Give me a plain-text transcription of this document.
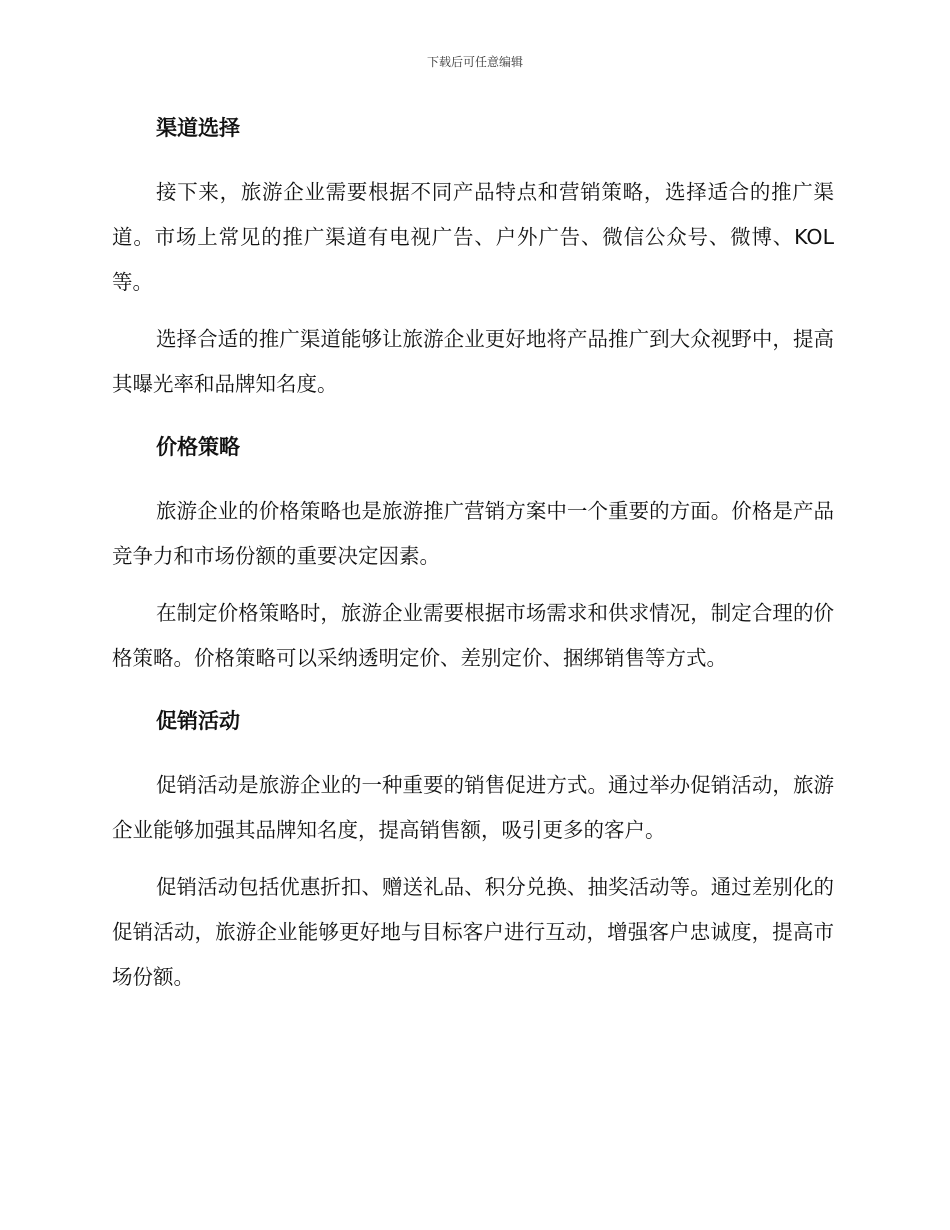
下载后可任意编辑
渠道选择

接下来，旅游企业需要根据不同产品特点和营销策略，选择适合的推广渠道。市场上常见的推广渠道有电视广告、户外广告、微信公众号、微博、KOL 等。

选择合适的推广渠道能够让旅游企业更好地将产品推广到大众视野中，提高其曝光率和品牌知名度。

价格策略

旅游企业的价格策略也是旅游推广营销方案中一个重要的方面。价格是产品竞争力和市场份额的重要决定因素。

在制定价格策略时，旅游企业需要根据市场需求和供求情况，制定合理的价格策略。价格策略可以采纳透明定价、差别定价、捆绑销售等方式。

促销活动

促销活动是旅游企业的一种重要的销售促进方式。通过举办促销活动，旅游企业能够加强其品牌知名度，提高销售额，吸引更多的客户。

促销活动包括优惠折扣、赠送礼品、积分兑换、抽奖活动等。通过差别化的促销活动，旅游企业能够更好地与目标客户进行互动，增强客户忠诚度，提高市场份额。
